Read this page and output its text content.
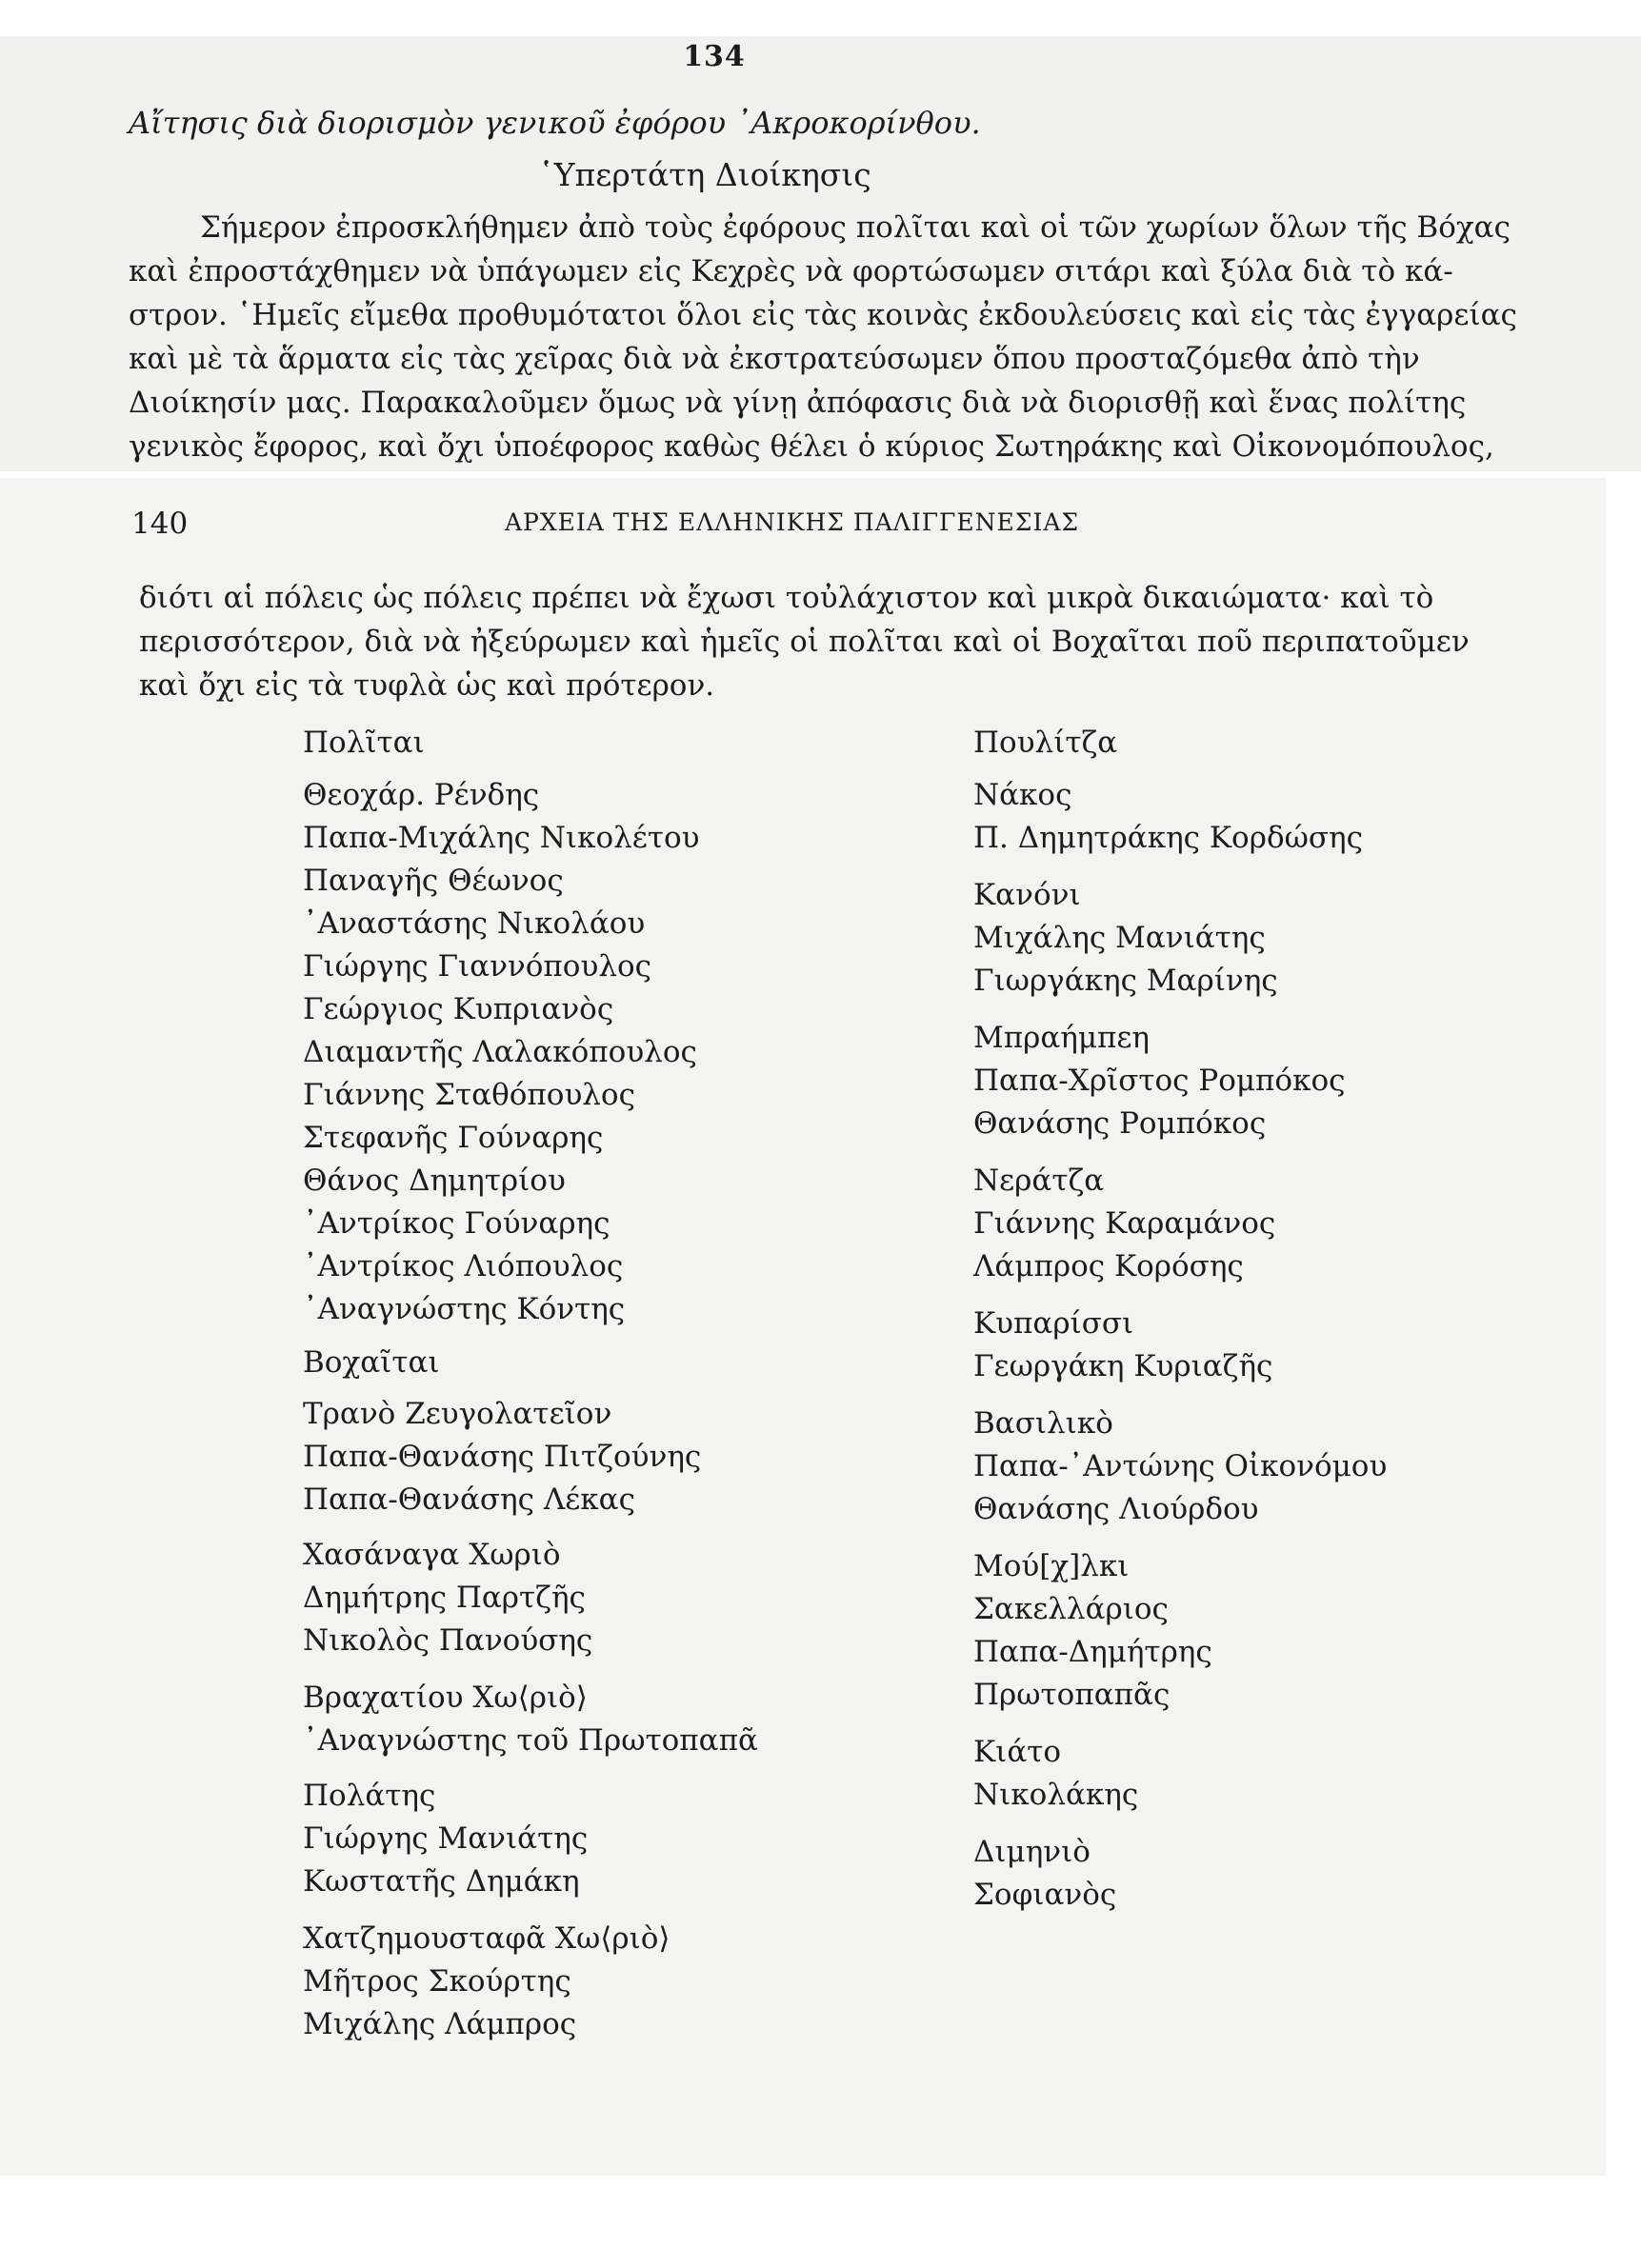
134
Αἴτησις διὰ διορισμὸν γενικοῦ ἐφόρου ᾿Ακροκορίνθου.
῾Υπερτάτη Διοίκησις
Σήμερον ἐπροσκλήθημεν ἀπὸ τοὺς ἐφόρους πολῖται καὶ οἱ τῶν χωρίων ὅλων τῆς Βόχας
καὶ ἐπροστάχθημεν νὰ ὑπάγωμεν εἰς Κεχρὲς νὰ φορτώσωμεν σιτάρι καὶ ξύλα διὰ τὸ κά-
στρον. ῾Ημεῖς εἴμεθα προθυμότατοι ὅλοι εἰς τὰς κοινὰς ἐκδουλεύσεις καὶ εἰς τὰς ἐγγαρείας
καὶ μὲ τὰ ἅρματα εἰς τὰς χεῖρας διὰ νὰ ἐκστρατεύσωμεν ὅπου προσταζόμεθα ἀπὸ τὴν
Διοίκησίν μας. Παρακαλοῦμεν ὅμως νὰ γίνῃ ἀπόφασις διὰ νὰ διορισθῇ καὶ ἕνας πολίτης
γενικὸς ἔφορος, καὶ ὄχι ὑποέφορος καθὼς θέλει ὁ κύριος Σωτηράκης καὶ Οἰκονομόπουλος,
140	ΑΡΧΕΙΑ ΤΗΣ ΕΛΛΗΝΙΚΗΣ ΠΑΛΙΓΓΕΝΕΣΙΑΣ
διότι αἱ πόλεις ὡς πόλεις πρέπει νὰ ἔχωσι τοὐλάχιστον καὶ μικρὰ δικαιώματα· καὶ τὸ
περισσότερον, διὰ νὰ ἠξεύρωμεν καὶ ἡμεῖς οἱ πολῖται καὶ οἱ Βοχαῖται ποῦ περιπατοῦμεν
καὶ ὄχι εἰς τὰ τυφλὰ ὡς καὶ πρότερον.
Πολῖται
Θεοχάρ. Ρένδης
Παπα-Μιχάλης Νικολέτου
Παναγῆς Θέωνος
᾿Αναστάσης Νικολάου
Γιώργης Γιαννόπουλος
Γεώργιος Κυπριανὸς
Διαμαντῆς Λαλακόπουλος
Γιάννης Σταθόπουλος
Στεφανῆς Γούναρης
Θάνος Δημητρίου
᾿Αντρίκος Γούναρης
᾿Αντρίκος Λιόπουλος
᾿Αναγνώστης Κόντης
Βοχαῖται
Τρανὸ Ζευγολατεῖον
Παπα-Θανάσης Πιτζούνης
Παπα-Θανάσης Λέκας
Χασάναγα Χωριὸ
Δημήτρης Παρτζῆς
Νικολὸς Πανούσης
Βραχατίου Χω⟨ριὸ⟩
᾿Αναγνώστης τοῦ Πρωτοπαπᾶ
Πολάτης
Γιώργης Μανιάτης
Κωστατῆς Δημάκη
Χατζημουσταφᾶ Χω⟨ριὸ⟩
Μῆτρος Σκούρτης
Μιχάλης Λάμπρος
Πουλίτζα
Νάκος
Π. Δημητράκης Κορδώσης
Κανόνι
Μιχάλης Μανιάτης
Γιωργάκης Μαρίνης
Μπραήμπεη
Παπα-Χρῖστος Ρομπόκος
Θανάσης Ρομπόκος
Νεράτζα
Γιάννης Καραμάνος
Λάμπρος Κορόσης
Κυπαρίσσι
Γεωργάκη Κυριαζῆς
Βασιλικὸ
Παπα-᾿Αντώνης Οἰκονόμου
Θανάσης Λιούρδου
Μού[χ]λκι
Σακελλάριος
Παπα-Δημήτρης
Πρωτοπαπᾶς
Κιάτο
Νικολάκης
Διμηνιὸ
Σοφιανὸς
